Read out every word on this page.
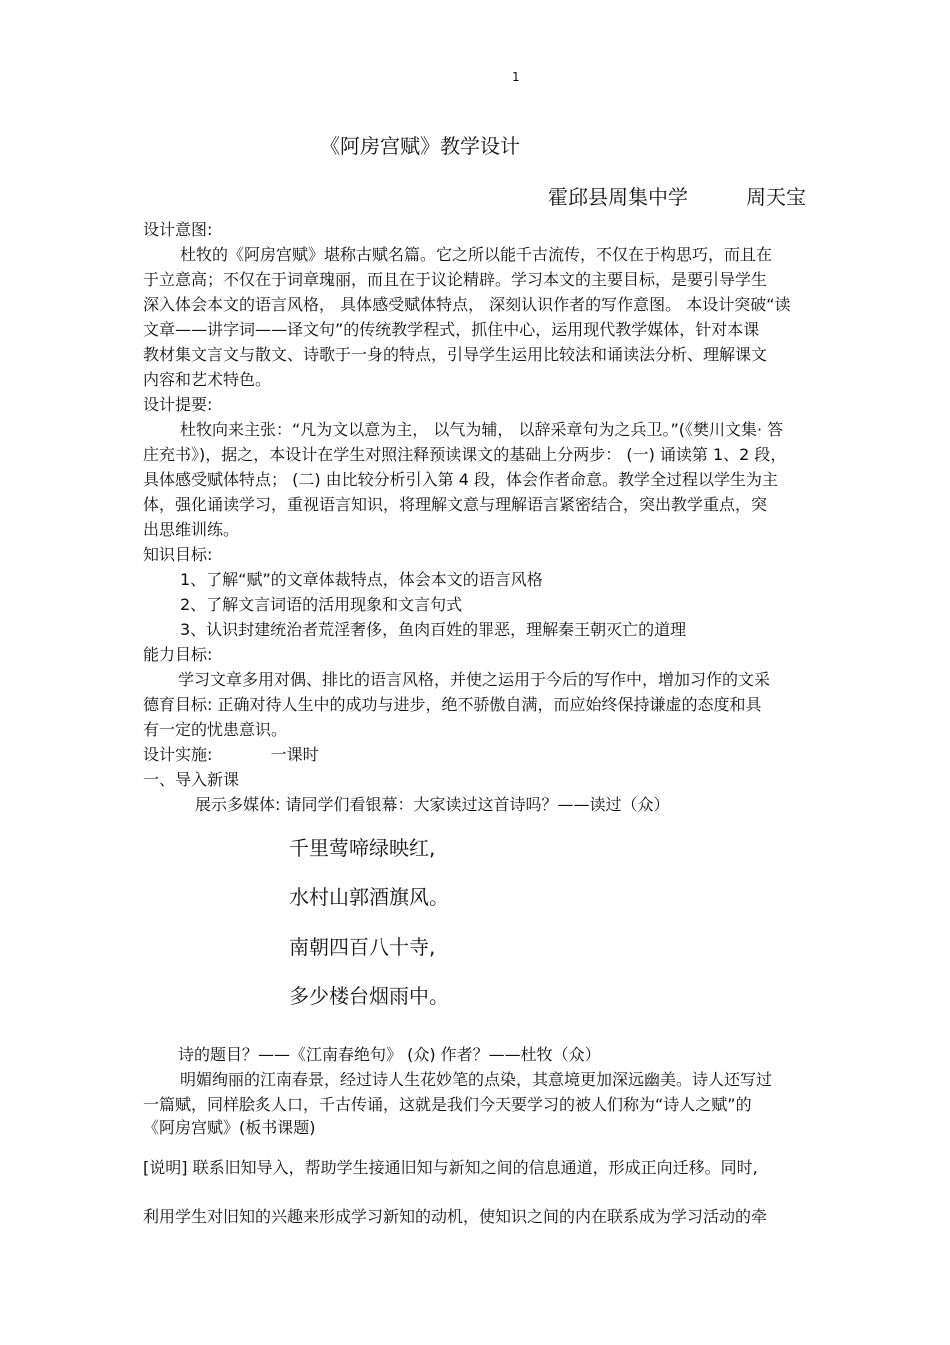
1

《阿房宫赋》教学设计

霍邱县周集中学	周天宝

设计意图:

杜牧的《阿房宫赋》堪称古赋名篇。它之所以能千古流传，不仅在于构思巧，而且在

于立意高；不仅在于词章瑰丽，而且在于议论精辟。学习本文的主要目标，是要引导学生

深入体会本文的语言风格， 具体感受赋体特点， 深刻认识作者的写作意图。 本设计突破“读

文章——讲字词——译文句”的传统教学程式，抓住中心，运用现代教学媒体，针对本课

教材集文言文与散文、诗歌于一身的特点，引导学生运用比较法和诵读法分析、理解课文

内容和艺术特色。

设计提要:

杜牧向来主张：“凡为文以意为主， 以气为辅， 以辞采章句为之兵卫。”(《樊川文集· 答

庄充书》)，据之，本设计在学生对照注释预读课文的基础上分两步： (一) 诵读第 1、2 段，

具体感受赋体特点； (二) 由比较分析引入第 4 段，体会作者命意。教学全过程以学生为主

体，强化诵读学习，重视语言知识，将理解文意与理解语言紧密结合，突出教学重点，突

出思维训练。

知识目标:

1、了解“赋”的文章体裁特点，体会本文的语言风格

2、了解文言词语的活用现象和文言句式

3、认识封建统治者荒淫奢侈，鱼肉百姓的罪恶，理解秦王朝灭亡的道理

能力目标:

学习文章多用对偶、排比的语言风格，并使之运用于今后的写作中，增加习作的文采

德育目标: 正确对待人生中的成功与进步，绝不骄傲自满，而应始终保持谦虚的态度和具

有一定的忧患意识。

设计实施:	一课时

一、导入新课

展示多媒体: 请同学们看银幕：大家读过这首诗吗？——读过（众）

千里莺啼绿映红,

水村山郭酒旗风。

南朝四百八十寺,

多少楼台烟雨中。

诗的题目？——《江南春绝句》 (众) 作者？——杜牧（众）

明媚绚丽的江南春景，经过诗人生花妙笔的点染，其意境更加深远幽美。诗人还写过

一篇赋，同样脍炙人口，千古传诵，这就是我们今天要学习的被人们称为“诗人之赋”的

《阿房宫赋》(板书课题)

[说明] 联系旧知导入，帮助学生接通旧知与新知之间的信息通道，形成正向迁移。同时,

利用学生对旧知的兴趣来形成学习新知的动机，使知识之间的内在联系成为学习活动的牵
